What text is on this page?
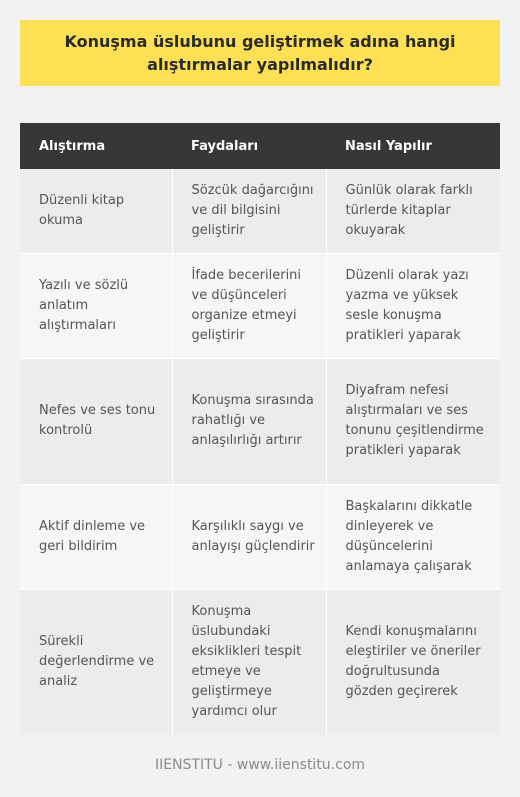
Konuşma üslubunu geliştirmek adına hangi alıştırmalar yapılmalıdır?
Alıştırma	Faydaları	Nasıl Yapılır
Düzenli kitap okuma	Sözcük dağarcığını ve dil bilgisini geliştirir	Günlük olarak farklı türlerde kitaplar okuyarak
Yazılı ve sözlü anlatım alıştırmaları	İfade becerilerini ve düşünceleri organize etmeyi geliştirir	Düzenli olarak yazı yazma ve yüksek sesle konuşma pratikleri yaparak
Nefes ve ses tonu kontrolü	Konuşma sırasında rahatlığı ve anlaşılırlığı artırır	Diyafram nefesi alıştırmaları ve ses tonunu çeşitlendirme pratikleri yaparak
Aktif dinleme ve geri bildirim	Karşılıklı saygı ve anlayışı güçlendirir	Başkalarını dikkatle dinleyerek ve düşüncelerini anlamaya çalışarak
Sürekli değerlendirme ve analiz	Konuşma üslubundaki eksiklikleri tespit etmeye ve geliştirmeye yardımcı olur	Kendi konuşmalarını eleştiriler ve öneriler doğrultusunda gözden geçirerek
IIENSTITU - www.iienstitu.com
